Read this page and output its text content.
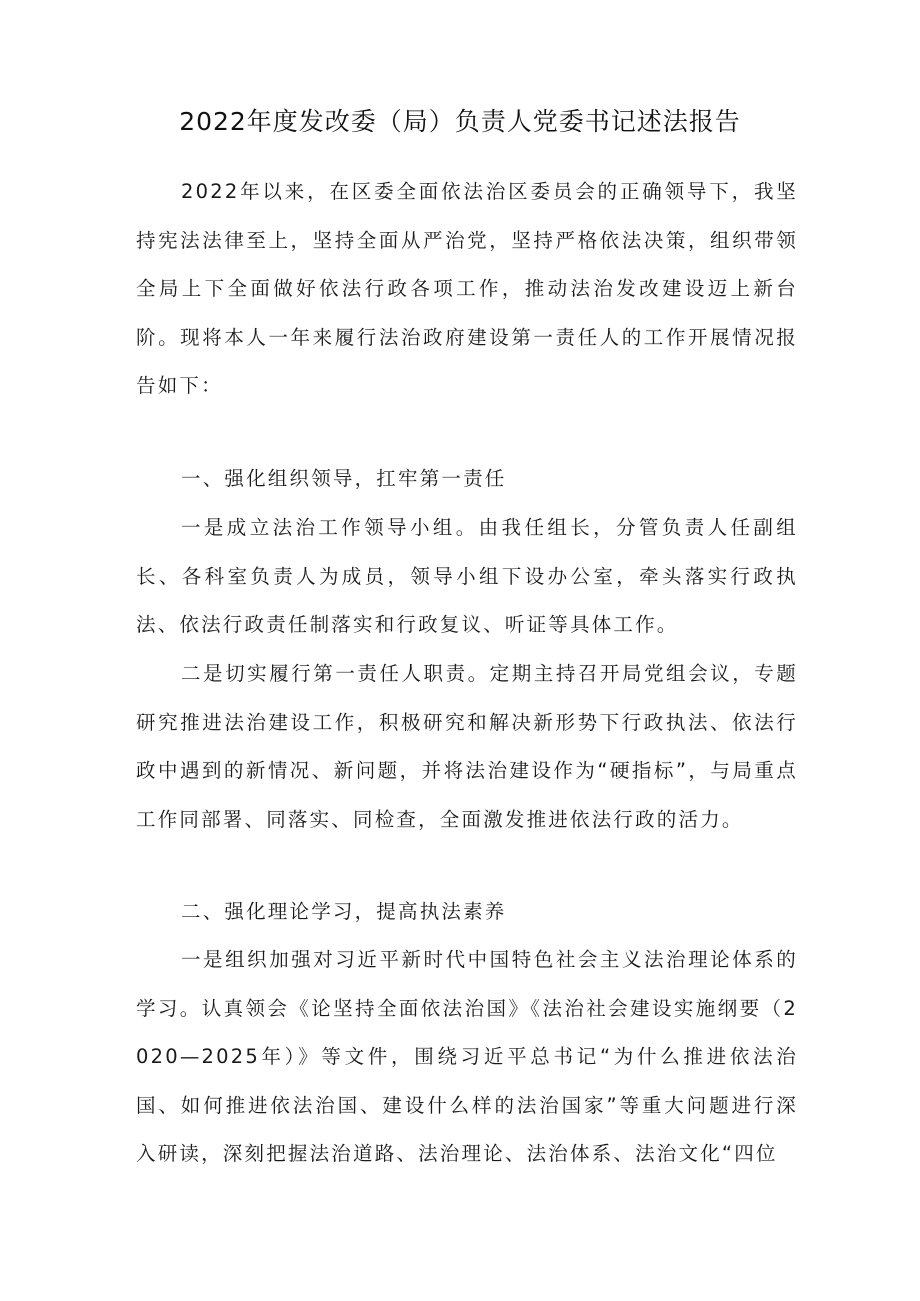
2022年度发改委（局）负责人党委书记述法报告

2022年以来，在区委全面依法治区委员会的正确领导下，我坚持宪法法律至上，坚持全面从严治党，坚持严格依法决策，组织带领全局上下全面做好依法行政各项工作，推动法治发改建设迈上新台阶。现将本人一年来履行法治政府建设第一责任人的工作开展情况报告如下：

一、强化组织领导，扛牢第一责任

一是成立法治工作领导小组。由我任组长，分管负责人任副组长、各科室负责人为成员，领导小组下设办公室，牵头落实行政执法、依法行政责任制落实和行政复议、听证等具体工作。

二是切实履行第一责任人职责。定期主持召开局党组会议，专题研究推进法治建设工作，积极研究和解决新形势下行政执法、依法行政中遇到的新情况、新问题，并将法治建设作为“硬指标”，与局重点工作同部署、同落实、同检查，全面激发推进依法行政的活力。

二、强化理论学习，提高执法素养

一是组织加强对习近平新时代中国特色社会主义法治理论体系的学习。认真领会《论坚持全面依法治国》《法治社会建设实施纲要（2020—2025年）》等文件，围绕习近平总书记“为什么推进依法治国、如何推进依法治国、建设什么样的法治国家”等重大问题进行深入研读，深刻把握法治道路、法治理论、法治体系、法治文化“四位
